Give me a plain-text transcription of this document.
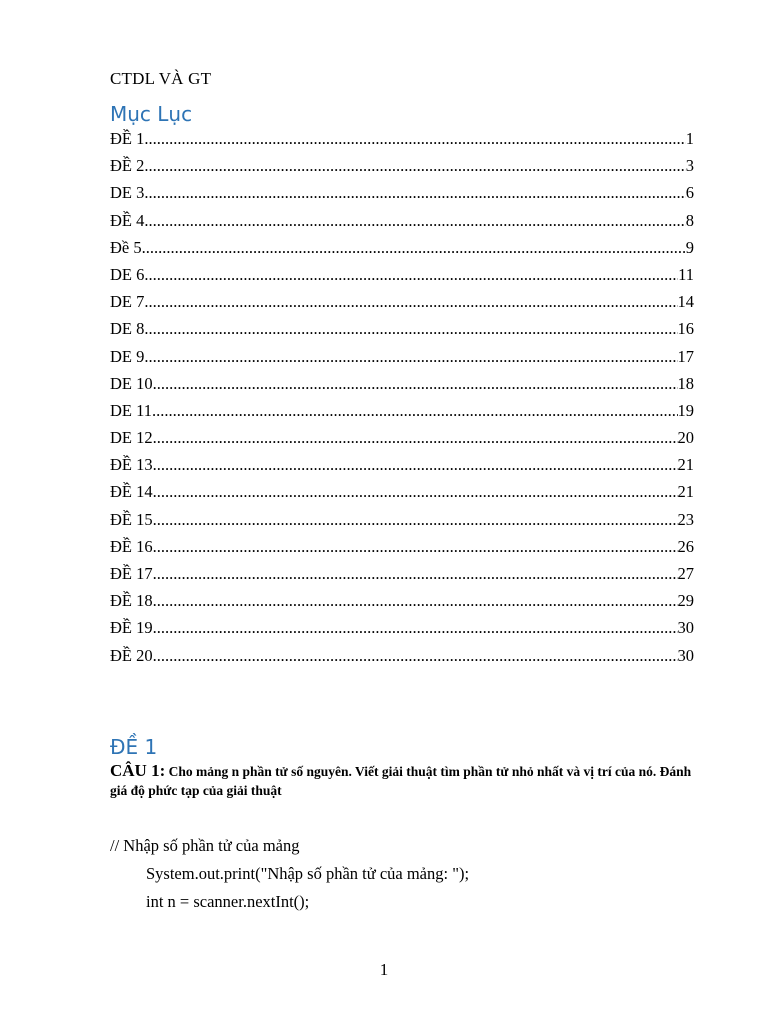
CTDL VÀ GT
Mục Lục
ĐỀ 1 .....	1
ĐỀ 2 .....	3
DE 3 .....	6
ĐỀ 4 .....	8
Đề 5 .....	9
DE 6 .....	11
DE 7 .....	14
DE 8 .....	16
DE 9 .....	17
DE 10 .....	18
DE 11 .....	19
DE 12 .....	20
ĐỀ 13 .....	21
ĐỀ 14 .....	21
ĐỀ 15 .....	23
ĐỀ 16 .....	26
ĐỀ 17 .....	27
ĐỀ 18 .....	29
ĐỀ 19 .....	30
ĐỀ 20 .....	30
ĐỀ 1
CÂU 1: Cho mảng n phần tử số nguyên. Viết giải thuật tìm phần tử nhỏ nhất và vị trí của nó. Đánh giá độ phức tạp của giải thuật
// Nhập số phần tử của mảng
System.out.print("Nhập số phần tử của mảng: ");
int n = scanner.nextInt();
1
